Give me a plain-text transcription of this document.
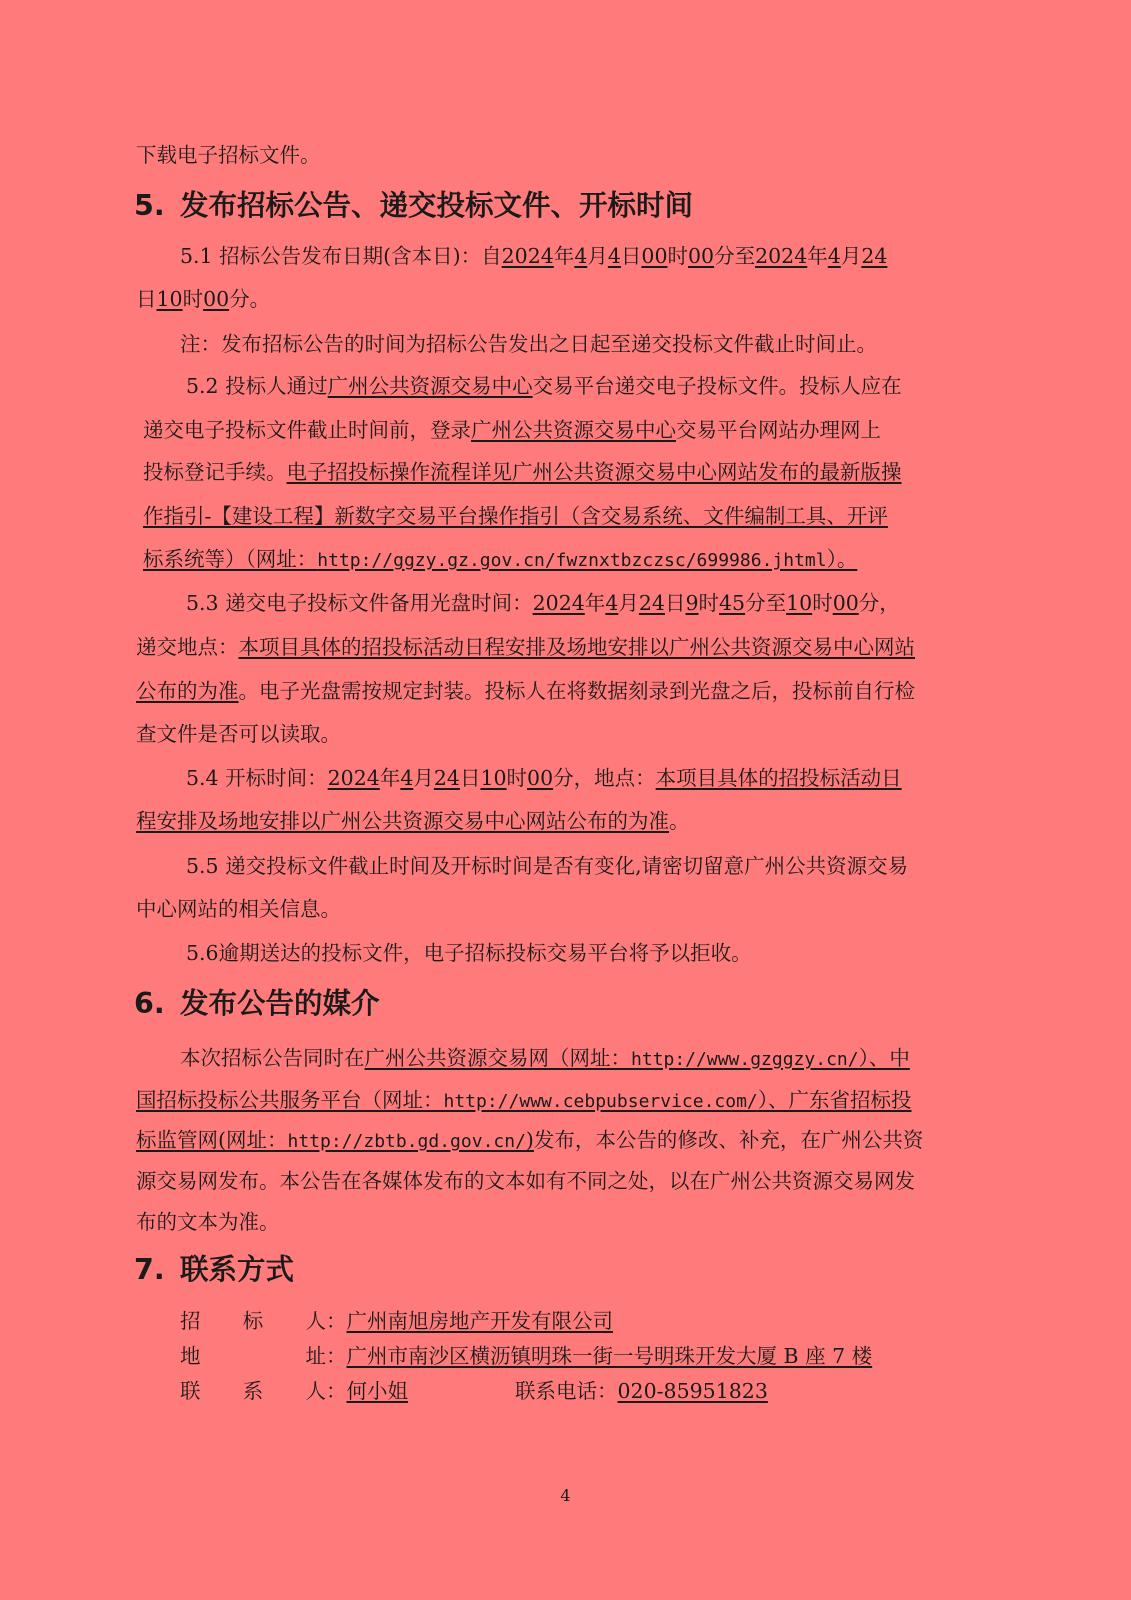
下载电子招标文件。
5. 发布招标公告、递交投标文件、开标时间
5.1 招标公告发布日期(含本日)：自2024年4月4日00时00分至2024年4月24
日10时00分。
注：发布招标公告的时间为招标公告发出之日起至递交投标文件截止时间止。
5.2 投标人通过广州公共资源交易中心交易平台递交电子投标文件。投标人应在
递交电子投标文件截止时间前，登录广州公共资源交易中心交易平台网站办理网上
投标登记手续。电子招投标操作流程详见广州公共资源交易中心网站发布的最新版操
作指引-【建设工程】新数字交易平台操作指引（含交易系统、文件编制工具、开评
标系统等）（网址：http://ggzy.gz.gov.cn/fwznxtbzczsc/699986.jhtml）。
5.3 递交电子投标文件备用光盘时间：2024年4月24日9时45分至10时00分，
递交地点：本项目具体的招投标活动日程安排及场地安排以广州公共资源交易中心网站
公布的为准。电子光盘需按规定封装。投标人在将数据刻录到光盘之后，投标前自行检
查文件是否可以读取。
5.4 开标时间：2024年4月24日10时00分，地点：本项目具体的招投标活动日
程安排及场地安排以广州公共资源交易中心网站公布的为准。
5.5 递交投标文件截止时间及开标时间是否有变化,请密切留意广州公共资源交易
中心网站的相关信息。
5.6逾期送达的投标文件，电子招标投标交易平台将予以拒收。
6. 发布公告的媒介
本次招标公告同时在广州公共资源交易网（网址：http://www.gzggzy.cn/）、中
国招标投标公共服务平台（网址：http://www.cebpubservice.com/）、广东省招标投
标监管网(网址：http://zbtb.gd.gov.cn/)发布，本公告的修改、补充，在广州公共资
源交易网发布。本公告在各媒体发布的文本如有不同之处，以在广州公共资源交易网发
布的文本为准。
7. 联系方式
招 标 人 ：广州南旭房地产开发有限公司
地	址 ：广州市南沙区横沥镇明珠一街一号明珠开发大厦 B 座 7 楼
联 系 人 ：何小姐	联系电话：020-85951823
4
